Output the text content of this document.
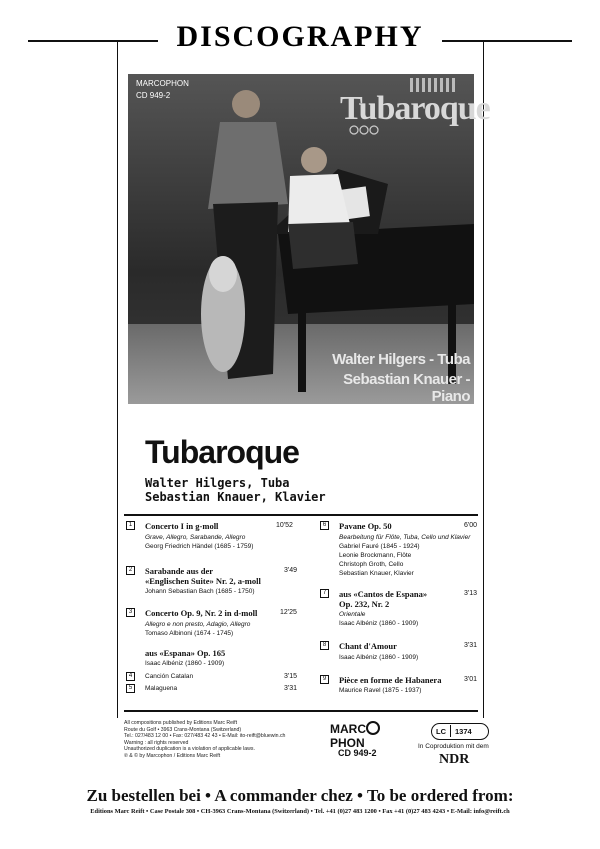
DISCOGRAPHY
MARCOPHON
CD 949-2	Tubaroque
Walter Hilgers - Tuba
Sebastian Knauer - Piano
Tubaroque
Walter Hilgers, Tuba
Sebastian Knauer, Klavier
1	Concerto I in g-moll	10'52
Grave, Allegro, Sarabande, Allegro
Georg Friedrich Händel (1685 - 1759)
2	Sarabande aus der
«Englischen Suite» Nr. 2, a-moll
3'49
Johann Sebastian Bach (1685 - 1750)
3	Concerto Op. 9, Nr. 2 in d-moll	12'25
Allegro e non presto, Adagio, Allegro
Tomaso Albinoni (1674 - 1745)
aus «Espana» Op. 165
Isaac Albéniz (1860 - 1909)
4	Canción Catalan	3'15
5	Malaguena	3'31
6	Pavane Op. 50	6'00
Bearbeitung für Flöte, Tuba, Cello und Klavier
Gabriel Fauré (1845 - 1924)
Leonie Brockmann, Flöte
Christoph Groth, Cello
Sebastian Knauer, Klavier
7	aus «Cantos de Espana»
Op. 232, Nr. 2
3'13
Orientale
Isaac Albéniz (1860 - 1909)
8	Chant d'Amour	3'31
Isaac Albéniz (1860 - 1909)
9	Pièce en forme de Habanera	3'01
Maurice Ravel (1875 - 1937)
All compositions published by Editions Marc Reift
Route du Golf • 3963 Crans-Montana (Switzerland)
Tel.: 027/483 12 00 • Fax: 027/483 42 43 • E-Mail: ito-reift@bluewin.ch
Warning : all rights reserved
Unauthorized duplication is a violation of applicable laws.
℗ & © by Marcophon / Editions Marc Reift
MARCPHON
CD 949-2
LC 1374
In Coproduktion mit dem
NDR
Zu bestellen bei • A commander chez • To be ordered from:
Editions Marc Reift • Case Postale 308 • CH-3963 Crans-Montana (Switzerland) • Tel. +41 (0)27 483 1200 • Fax +41 (0)27 483 4243 • E-Mail: info@reift.ch
